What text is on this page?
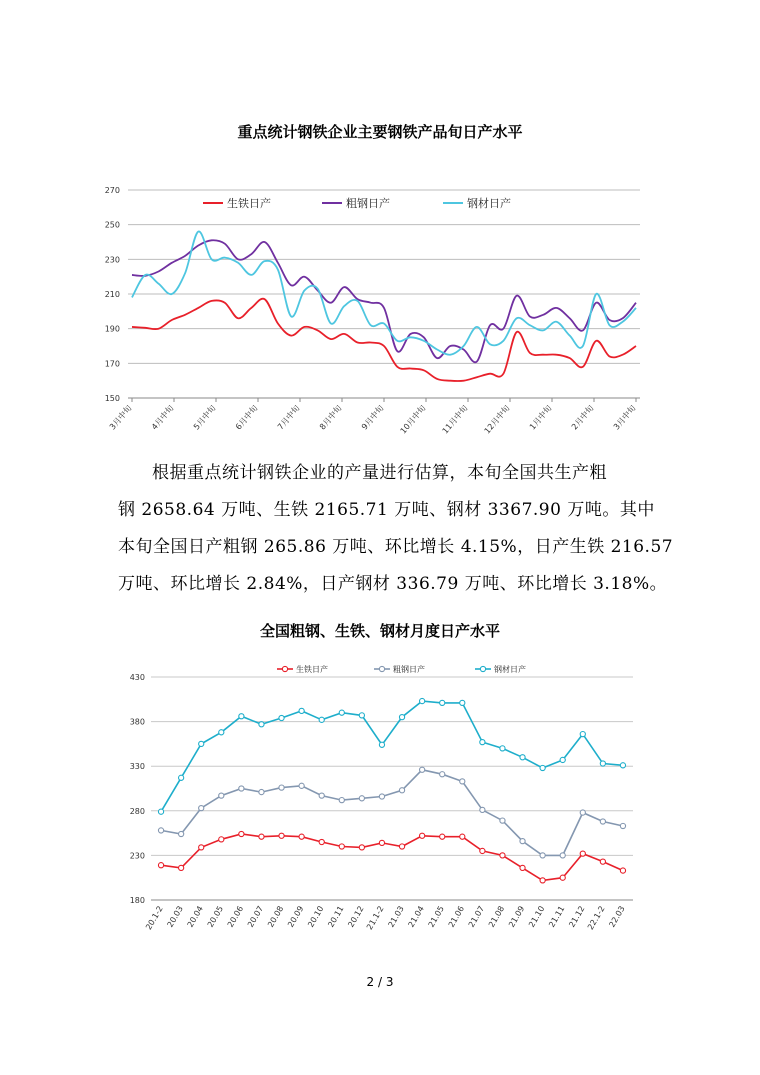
重点统计钢铁企业主要钢铁产品旬日产水平
150
170
190
210
230
250
270
3月中旬 4月中旬 5月中旬 6月中旬 7月中旬 8月中旬 9月中旬 10月中旬 11月中旬 12月中旬 1月中旬 2月中旬 3月中旬
生铁日产	粗钢日产	钢材日产

根据重点统计钢铁企业的产量进行估算，本旬全国共生产粗

钢 2658.64 万吨、生铁 2165.71 万吨、钢材 3367.90 万吨。其中

本旬全国日产粗钢 265.86 万吨、环比增长 4.15%，日产生铁 216.57

万吨、环比增长 2.84%，日产钢材 336.79 万吨、环比增长 3.18%。

全国粗钢、生铁、钢材月度日产水平
180
230
280
330
380
430
20.1-2 20.03 20.04 20.05 20.06 20.07 20.08 20.09 20.10 20.11 20.12 21.1-2 21.03 21.04 21.05 21.06 21.07 21.08 21.09 21.10 21.11 21.12 22.1-2 22.03
生铁日产	粗钢日产	钢材日产
2 / 3
